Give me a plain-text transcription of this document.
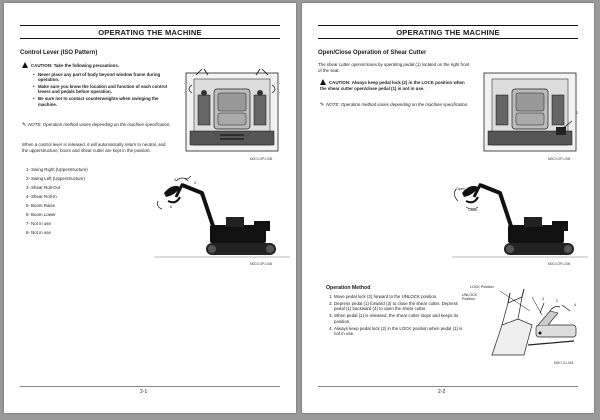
OPERATING THE MACHINE
Control Lever (ISO Pattern)
CAUTION: Take the following precautions.
• Never place any part of body beyond window frame during operation.
• Make sure you know the location and function of each control levers and pedals before operation.
• Be sure not to contact counterweights when swinging the machine.
✎ NOTE: Operation method varies depending on the machine specification.
When a control lever is released, it will automatically return to neutral, and the upperstructure, boom and shear cutter are kept in the position.
1- Swing Right (Upperstructure)
2- Swing Left (Upperstructure)
3- Shear Roll-Out
4- Shear Roll-In
5- Boom Raise
6- Boom Lower
7- Not in use
8- Not in use
M0C0-OP1-005
3
4
5
6
M0C0-OP1-006
2-1
OPERATING THE MACHINE
Open/Close Operation of Shear Cutter
The shear cutter opens/closes by operating pedal (1) located on the right front of the seat.
CAUTION: Always keep pedal lock (2) in the LOCK position when the shear cutter open/close pedal (1) is not in use.
✎ NOTE: Operation method varies depending on the machine specification.
1
M0C0-OP1-005
Open
Close
M0C0-OP1-006
Operation Method
1. Move pedal lock (2) forward to the UNLOCK position.
2. Depress pedal (1) forward (3) to close the shear cutter. Depress pedal (1) backward (4) to open the shear cutter.
3. When pedal (1) is released, the shear cutter stops and keeps its position.
4. Always keep pedal lock (2) in the LOCK position when pedal (1) is not in use.
LOCK Position
UNLOCK Position	2
4
3
M1K7-01-018
2-2
